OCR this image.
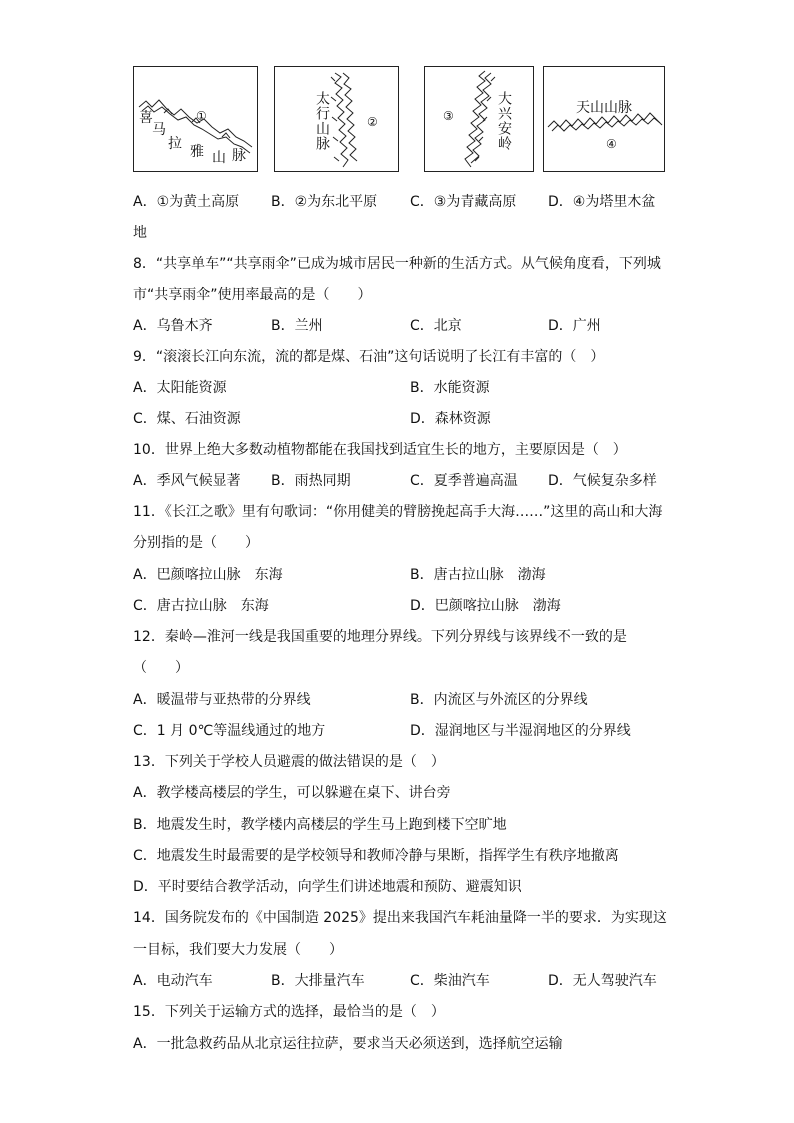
喜
马
拉 雅 山 脉
①	太行山脉	②	③	大兴安岭	天山山脉
④
A．①为黄土高原 B．②为东北平原 C．③为青藏高原 D．④为塔里木盆
地
8．“共享单车”“共享雨伞”已成为城市居民一种新的生活方式。从气候角度看，下列城
市“共享雨伞”使用率最高的是（　　）
A．乌鲁木齐	B．兰州	C．北京	D．广州
9．“滚滚长江向东流，流的都是煤、石油”这句话说明了长江有丰富的（　）
A．太阳能资源	B．水能资源
C．煤、石油资源	D．森林资源
10．世界上绝大多数动植物都能在我国找到适宜生长的地方，主要原因是（　）
A．季风气候显著 B．雨热同期	C．夏季普遍高温 D．气候复杂多样
11．《长江之歌》里有句歌词：“你用健美的臂膀挽起高手大海……”这里的高山和大海
分别指的是（　　）
A．巴颜喀拉山脉　东海	B．唐古拉山脉　渤海
C．唐古拉山脉　东海	D．巴颜喀拉山脉　渤海
12．秦岭—淮河一线是我国重要的地理分界线。下列分界线与该界线不一致的是
（　　）
A．暖温带与亚热带的分界线	B．内流区与外流区的分界线
C．1 月 0℃等温线通过的地方	D．湿润地区与半湿润地区的分界线
13．下列关于学校人员避震的做法错误的是（　）
A．教学楼高楼层的学生，可以躲避在桌下、讲台旁
B．地震发生时，教学楼内高楼层的学生马上跑到楼下空旷地
C．地震发生时最需要的是学校领导和教师冷静与果断，指挥学生有秩序地撤离
D．平时要结合教学活动，向学生们讲述地震和预防、避震知识
14．国务院发布的《中国制造 2025》提出来我国汽车耗油量降一半的要求．为实现这
一目标，我们要大力发展（　　）
A．电动汽车	B．大排量汽车	C．柴油汽车	D．无人驾驶汽车
15．下列关于运输方式的选择，最恰当的是（　）
A．一批急救药品从北京运往拉萨，要求当天必须送到，选择航空运输
